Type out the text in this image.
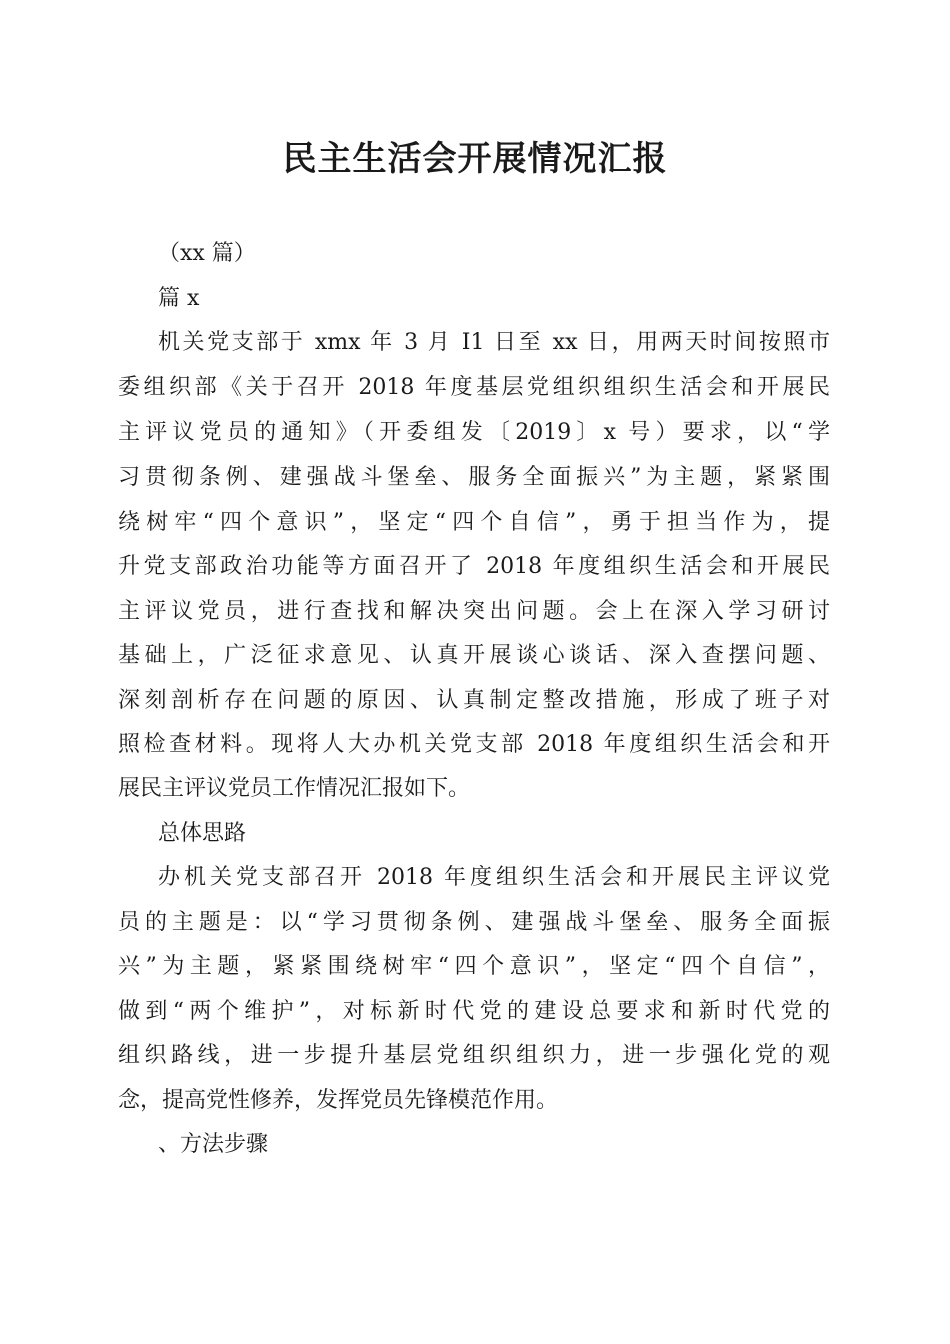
民主生活会开展情况汇报

（xx 篇）

篇 x

机关党支部于 xmx 年 3 月 I1 日至 xx 日，用两天时间按照市

委组织部《关于召开 2018 年度基层党组织组织生活会和开展民

主评议党员的通知》（开委组发〔2019〕x 号）要求，以“学

习贯彻条例、建强战斗堡垒、服务全面振兴”为主题，紧紧围

绕树牢“四个意识”，坚定“四个自信”，勇于担当作为，提

升党支部政治功能等方面召开了 2018 年度组织生活会和开展民

主评议党员，进行查找和解决突出问题。会上在深入学习研讨

基础上，广泛征求意见、认真开展谈心谈话、深入查摆问题、

深刻剖析存在问题的原因、认真制定整改措施，形成了班子对

照检查材料。现将人大办机关党支部 2018 年度组织生活会和开

展民主评议党员工作情况汇报如下。

总体思路

办机关党支部召开 2018 年度组织生活会和开展民主评议党

员的主题是：以“学习贯彻条例、建强战斗堡垒、服务全面振

兴”为主题，紧紧围绕树牢“四个意识”，坚定“四个自信”，

做到“两个维护”，对标新时代党的建设总要求和新时代党的

组织路线，进一步提升基层党组织组织力，进一步强化党的观

念，提高党性修养，发挥党员先锋模范作用。

、方法步骤
